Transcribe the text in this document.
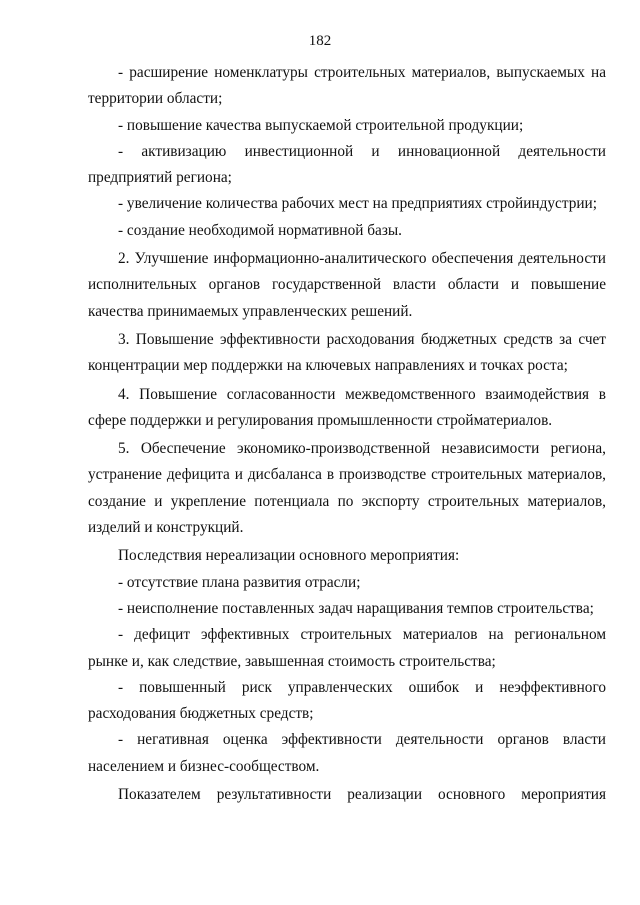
182

- расширение номенклатуры строительных материалов, выпускаемых на территории области;

- повышение качества выпускаемой строительной продукции;

- активизацию инвестиционной и инновационной деятельности предприятий региона;

- увеличение количества рабочих мест на предприятиях стройиндустрии;

- создание необходимой нормативной базы.

2. Улучшение информационно-аналитического обеспечения деятельности исполнительных органов государственной власти области и повышение качества принимаемых управленческих решений.

3. Повышение эффективности расходования бюджетных средств за счет концентрации мер поддержки на ключевых направлениях и точках роста;

4. Повышение согласованности межведомственного взаимодействия в сфере поддержки и регулирования промышленности стройматериалов.

5. Обеспечение экономико-производственной независимости региона, устранение дефицита и дисбаланса в производстве строительных материалов, создание и укрепление потенциала по экспорту строительных материалов, изделий и конструкций.

Последствия нереализации основного мероприятия:

- отсутствие плана развития отрасли;

- неисполнение поставленных задач наращивания темпов строительства;

- дефицит эффективных строительных материалов на региональном рынке и, как следствие, завышенная стоимость строительства;

- повышенный риск управленческих ошибок и неэффективного расходования бюджетных средств;

- негативная оценка эффективности деятельности органов власти населением и бизнес-сообществом.

Показателем результативности реализации основного мероприятия
